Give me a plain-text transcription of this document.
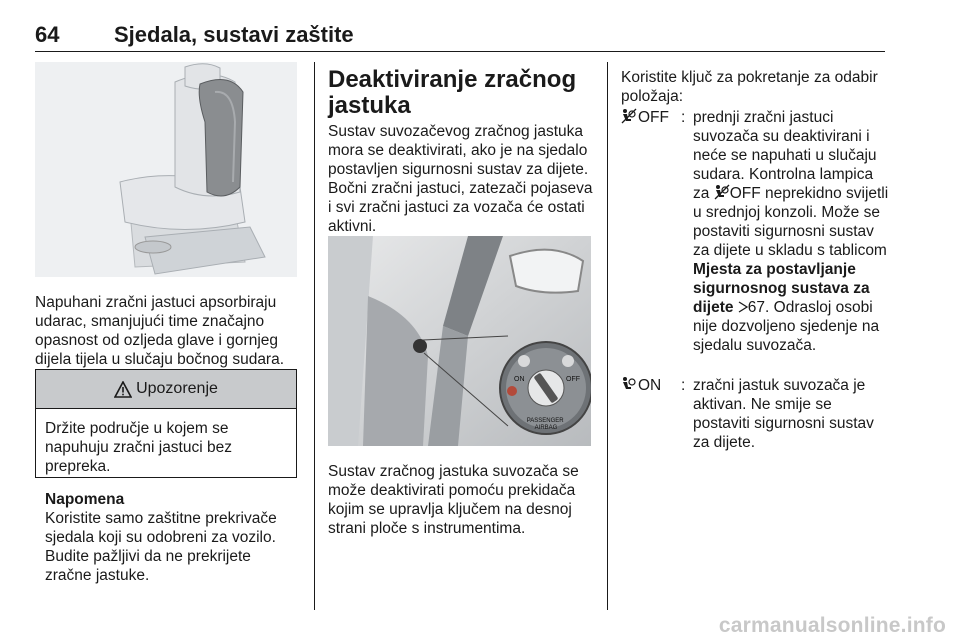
64 Sjedala, sustavi zaštite

Napuhani zračni jastuci apsorbiraju udarac, smanjujući time značajno opasnost od ozljeda glave i gornjeg dijela tijela u slučaju bočnog sudara.

Upozorenje
Držite područje u kojem se napuhuju zračni jastuci bez prepreka.

Napomena

Koristite samo zaštitne prekrivače sjedala koji su odobreni za vozilo. Budite pažljivi da ne prekrijete zračne jastuke.

Deaktiviranje zračnog jastuka

Sustav suvozačevog zračnog jastuka mora se deaktivirati, ako je na sjedalo postavljen sigurnosni sustav za dijete. Bočni zračni jastuci, zatezači pojaseva i svi zračni jastuci za vozača će ostati aktivni.

ON	OFF
PASSENGER AIRBAG

Sustav zračnog jastuka suvozača se može deaktivirati pomoću prekidača kojim se upravlja ključem na desnoj strani ploče s instrumentima.

Koristite ključ za pokretanje za odabir položaja:

OFF : prednji zračni jastuci suvozača su deaktivirani i neće se napuhati u slučaju sudara. Kontrolna lampica za OFF neprekidno svijetli u srednjoj konzoli. Može se postaviti sigurnosni sustav za dijete u skladu s tablicom Mjesta za postavljanje sigurnosnog sustava za dijete 67. Odrasloj osobi nije dozvoljeno sjedenje na sjedalu suvozača.
ON : zračni jastuk suvozača je aktivan. Ne smije se postaviti sigurnosni sustav za dijete.
carmanualsonline.info
